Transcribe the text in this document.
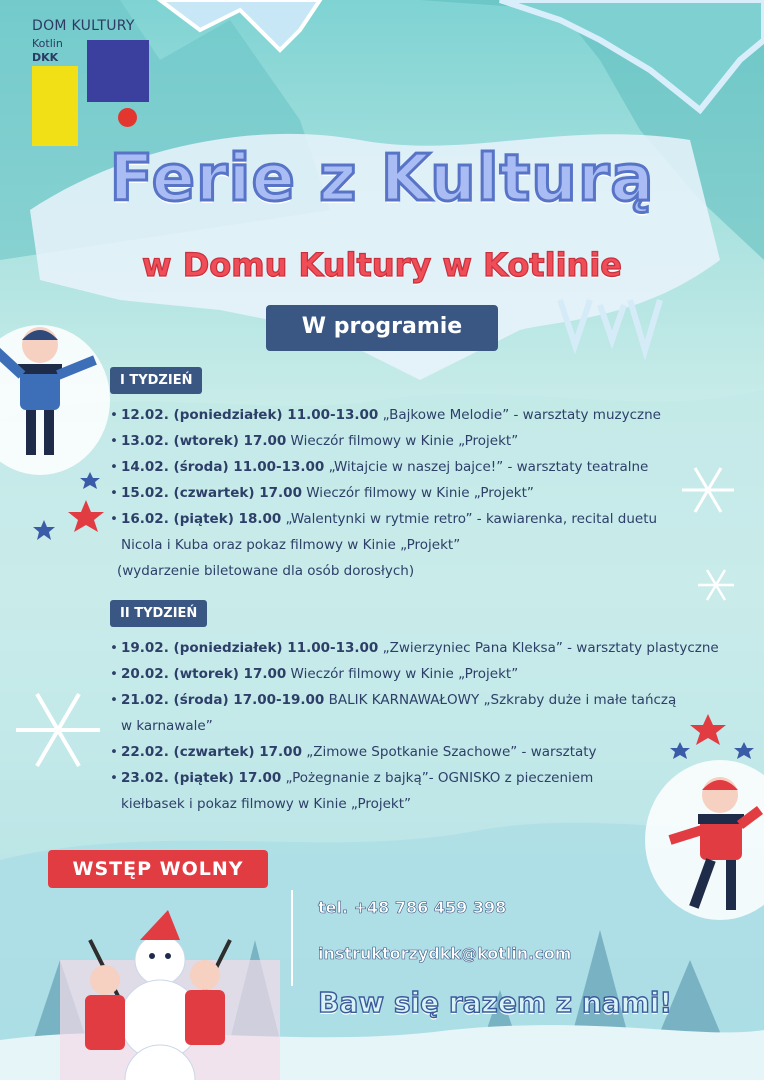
DOM KULTURY
Kotlin
DKK
Ferie z Kulturą
w Domu Kultury w Kotlinie
W programie
I TYDZIEŃ
• 12.02. (poniedziałek) 11.00-13.00 „Bajkowe Melodie” - warsztaty muzyczne
• 13.02. (wtorek) 17.00 Wieczór filmowy w Kinie „Projekt”
• 14.02. (środa) 11.00-13.00 „Witajcie w naszej bajce!” - warsztaty teatralne
• 15.02. (czwartek) 17.00 Wieczór filmowy w Kinie „Projekt”
• 16.02. (piątek) 18.00 „Walentynki w rytmie retro” - kawiarenka, recital duetu
Nicola i Kuba oraz pokaz filmowy w Kinie „Projekt”
(wydarzenie biletowane dla osób dorosłych)
II TYDZIEŃ
• 19.02. (poniedziałek) 11.00-13.00 „Zwierzyniec Pana Kleksa” - warsztaty plastyczne
• 20.02. (wtorek) 17.00 Wieczór filmowy w Kinie „Projekt”
• 21.02. (środa) 17.00-19.00 BALIK KARNAWAŁOWY „Szkraby duże i małe tańczą
w karnawale”
• 22.02. (czwartek) 17.00 „Zimowe Spotkanie Szachowe” - warsztaty
• 23.02. (piątek) 17.00 „Pożegnanie z bajką”- OGNISKO z pieczeniem
kiełbasek i pokaz filmowy w Kinie „Projekt”
WSTĘP WOLNY
tel. +48 786 459 398
instruktorzydkk@kotlin.com
Baw się razem z nami!
